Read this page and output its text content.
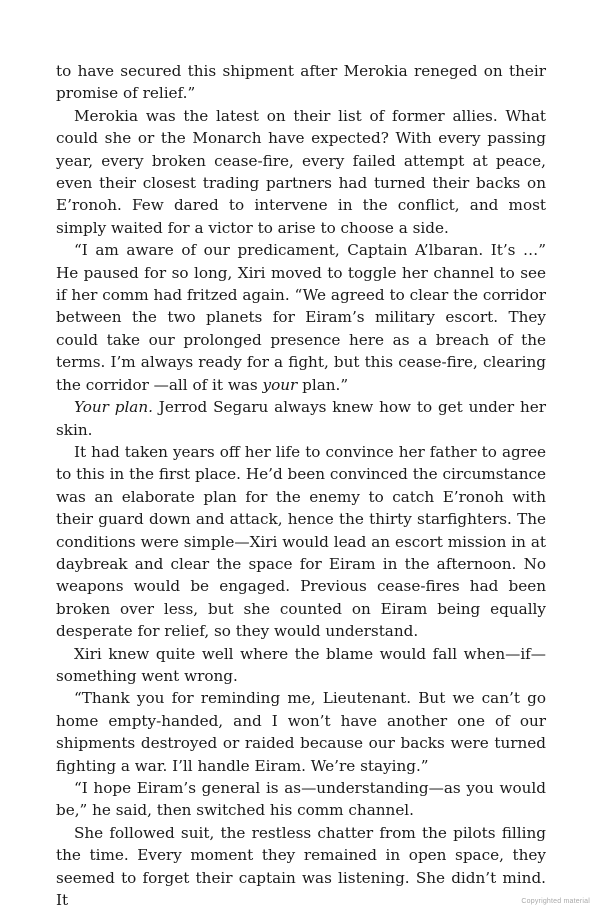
to have secured this shipment after Merokia reneged on their promise of relief.”

Merokia was the latest on their list of former allies. What could she or the Monarch have expected? With every passing year, every broken cease-fire, every failed attempt at peace, even their closest trading partners had turned their backs on E’ronoh. Few dared to intervene in the conflict, and most simply waited for a victor to arise to choose a side.

“I am aware of our predicament, Captain A’lbaran. It’s …” He paused for so long, Xiri moved to toggle her channel to see if her comm had fritzed again. “We agreed to clear the corridor between the two planets for Eiram’s military escort. They could take our prolonged presence here as a breach of the terms. I’m always ready for a fight, but this cease-fire, clearing the corridor —all of it was your plan.”

Your plan. Jerrod Segaru always knew how to get under her skin.

It had taken years off her life to convince her father to agree to this in the first place. He’d been convinced the circumstance was an elaborate plan for the enemy to catch E’ronoh with their guard down and attack, hence the thirty starfighters. The conditions were simple—Xiri would lead an escort mission in at daybreak and clear the space for Eiram in the afternoon. No weapons would be engaged. Previous cease-fires had been broken over less, but she counted on Eiram being equally desperate for relief, so they would understand.

Xiri knew quite well where the blame would fall when—if—something went wrong.

“Thank you for reminding me, Lieutenant. But we can’t go home empty-handed, and I won’t have another one of our shipments destroyed or raided because our backs were turned fighting a war. I’ll handle Eiram. We’re staying.”

“I hope Eiram’s general is as—understanding—as you would be,” he said, then switched his comm channel.

She followed suit, the restless chatter from the pilots filling the time. Every moment they remained in open space, they seemed to forget their captain was listening. She didn’t mind. It	Copyrighted material
